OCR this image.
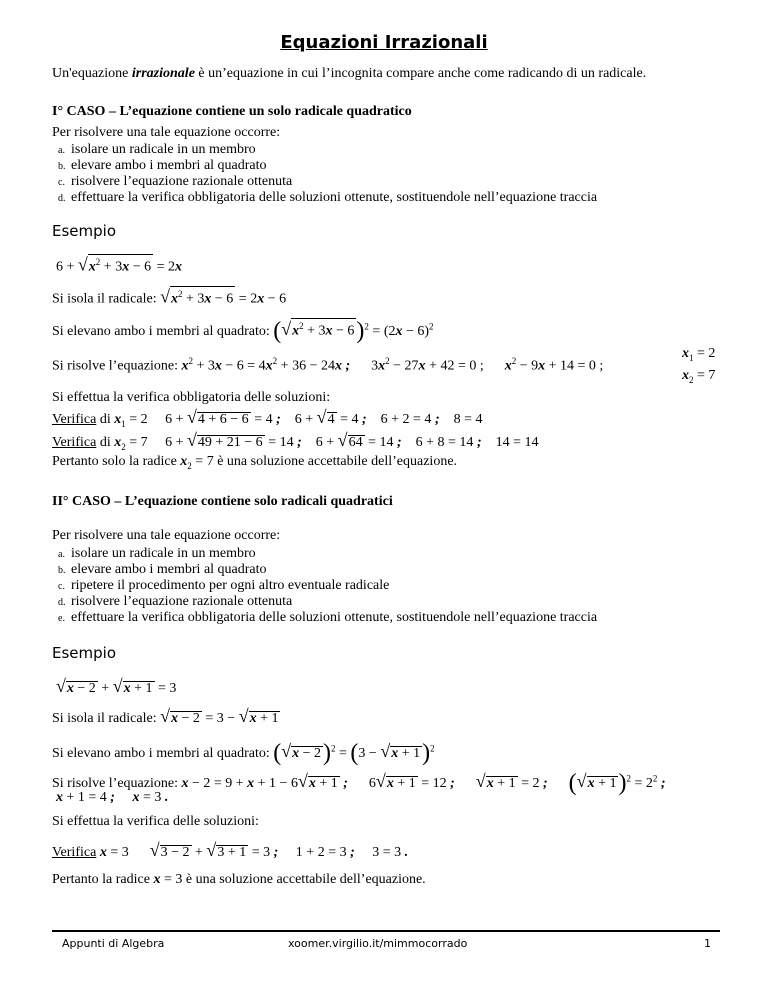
Equazioni Irrazionali
Un'equazione irrazionale è un’equazione in cui l’incognita compare anche come radicando di un radicale.
I° CASO – L’equazione contiene un solo radicale quadratico
Per risolvere una tale equazione occorre:
a. isolare un radicale in un membro
b. elevare ambo i membri al quadrato
c. risolvere l’equazione razionale ottenuta
d. effettuare la verifica obbligatoria delle soluzioni ottenute, sostituendole nell’equazione traccia
Esempio
$6 + √x^2 + 3x - 6 = 2x$
Si isola il radicale: $√x^2 + 3x - 6 = 2x - 6$
Si elevano ambo i membri al quadrato: $(√x^2 + 3x - 6)^2 = (2x - 6)^2$
Si risolve l’equazione: $x^2 + 3x - 6 = 4x^2 + 36 - 24x$ ;      $3x^2 - 27x + 42 = 0$ ;      $x^2 - 9x + 14 = 0$ ;
$x_1 = 2$
$x_2 = 7$
Si effettua la verifica obbligatoria delle soluzioni:
Verifica di $x_1 = 2$     6 + √4 + 6 − 6 = 4 ;    6 + √4 = 4 ;    6 + 2 = 4 ;    8 = 4
Verifica di $x_2 = 7$     6 + √49 + 21 − 6 = 14 ;    6 + √64 = 14 ;    6 + 8 = 14 ;    14 = 14
Pertanto solo la radice $x_2 = 7$ è una soluzione accettabile dell’equazione.
II° CASO – L’equazione contiene solo radicali quadratici
Per risolvere una tale equazione occorre:
a. isolare un radicale in un membro
b. elevare ambo i membri al quadrato
c. ripetere il procedimento per ogni altro eventuale radicale
d. risolvere l’equazione razionale ottenuta
e. effettuare la verifica obbligatoria delle soluzioni ottenute, sostituendole nell’equazione traccia
Esempio
√x − 2 + √x + 1 = 3
Si isola il radicale: √x − 2 = 3 − √x + 1
Si elevano ambo i membri al quadrato: $(√x - 2)^2 = (3 - √x + 1)^2$
Si risolve l’equazione: x − 2 = 9 + x + 1 − 6√x + 1 ;      6√x + 1 = 12 ; √x + 1 = 2 ; $(√x + 1)^2 = 2^2$ ;
x + 1 = 4 ; x = 3 .
Si effettua la verifica delle soluzioni:
Verifica x = 3      √3 − 2 + √3 + 1 = 3 ;     1 + 2 = 3 ;     3 = 3 .
Pertanto la radice x = 3 è una soluzione accettabile dell’equazione.
Appunti di Algebra	xoomer.virgilio.it/mimmocorrado	1
